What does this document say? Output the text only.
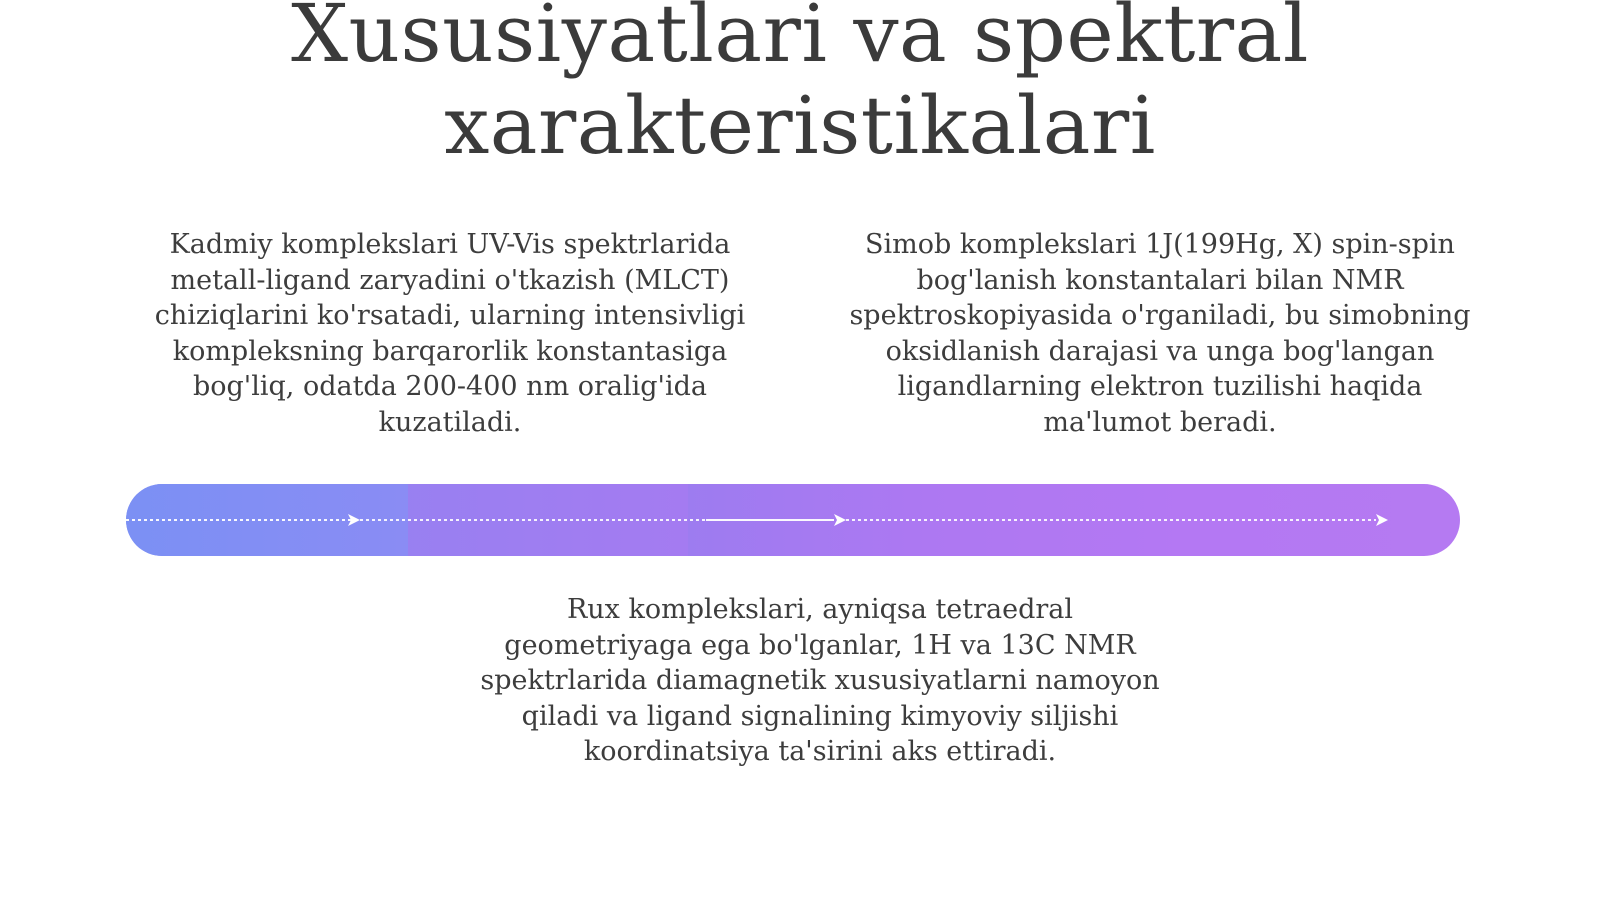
Xususiyatlari va spektral xarakteristikalari

Kadmiy komplekslari UV-Vis spektrlarida metall-ligand zaryadini o'tkazish (MLCT) chiziqlarini ko'rsatadi, ularning intensivligi kompleksning barqarorlik konstantasiga bog'liq, odatda 200-400 nm oralig'ida kuzatiladi.

Simob komplekslari 1J(199Hg, X) spin-spin bog'lanish konstantalari bilan NMR spektroskopiyasida o'rganiladi, bu simobning oksidlanish darajasi va unga bog'langan ligandlarning elektron tuzilishi haqida ma'lumot beradi.

Rux komplekslari, ayniqsa tetraedral geometriyaga ega bo'lganlar, 1H va 13C NMR spektrlarida diamagnetik xususiyatlarni namoyon qiladi va ligand signalining kimyoviy siljishi koordinatsiya ta'sirini aks ettiradi.
